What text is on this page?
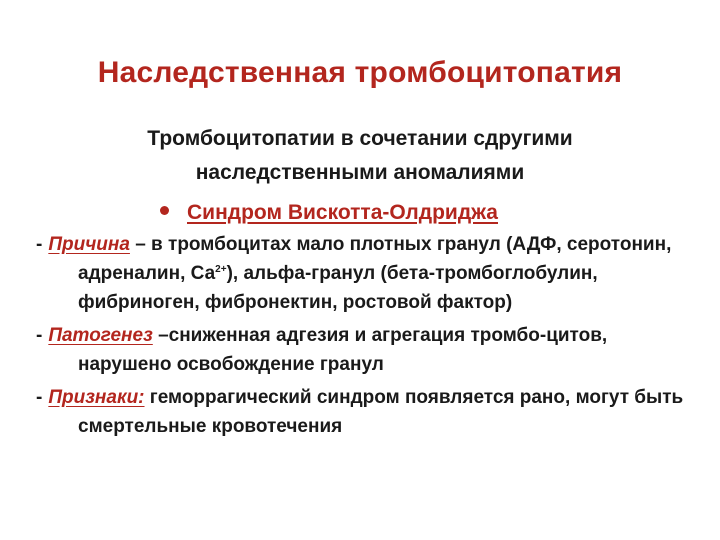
Наследственная тромбоцитопатия
Тромбоцитопатии в сочетании сдругими
наследственными аномалиями
Синдром Вискотта-Олдриджа
- Причина – в тромбоцитах мало плотных гранул (АДФ, серотонин, адреналин, $Са^{2+}$), альфа-гранул (бета-тромбоглобулин, фибриноген, фибронектин, ростовой фактор)
- Патогенез –сниженная адгезия и агрегация тромбо-цитов, нарушено освобождение гранул
- Признаки: геморрагический синдром появляется рано, могут быть смертельные кровотечения
